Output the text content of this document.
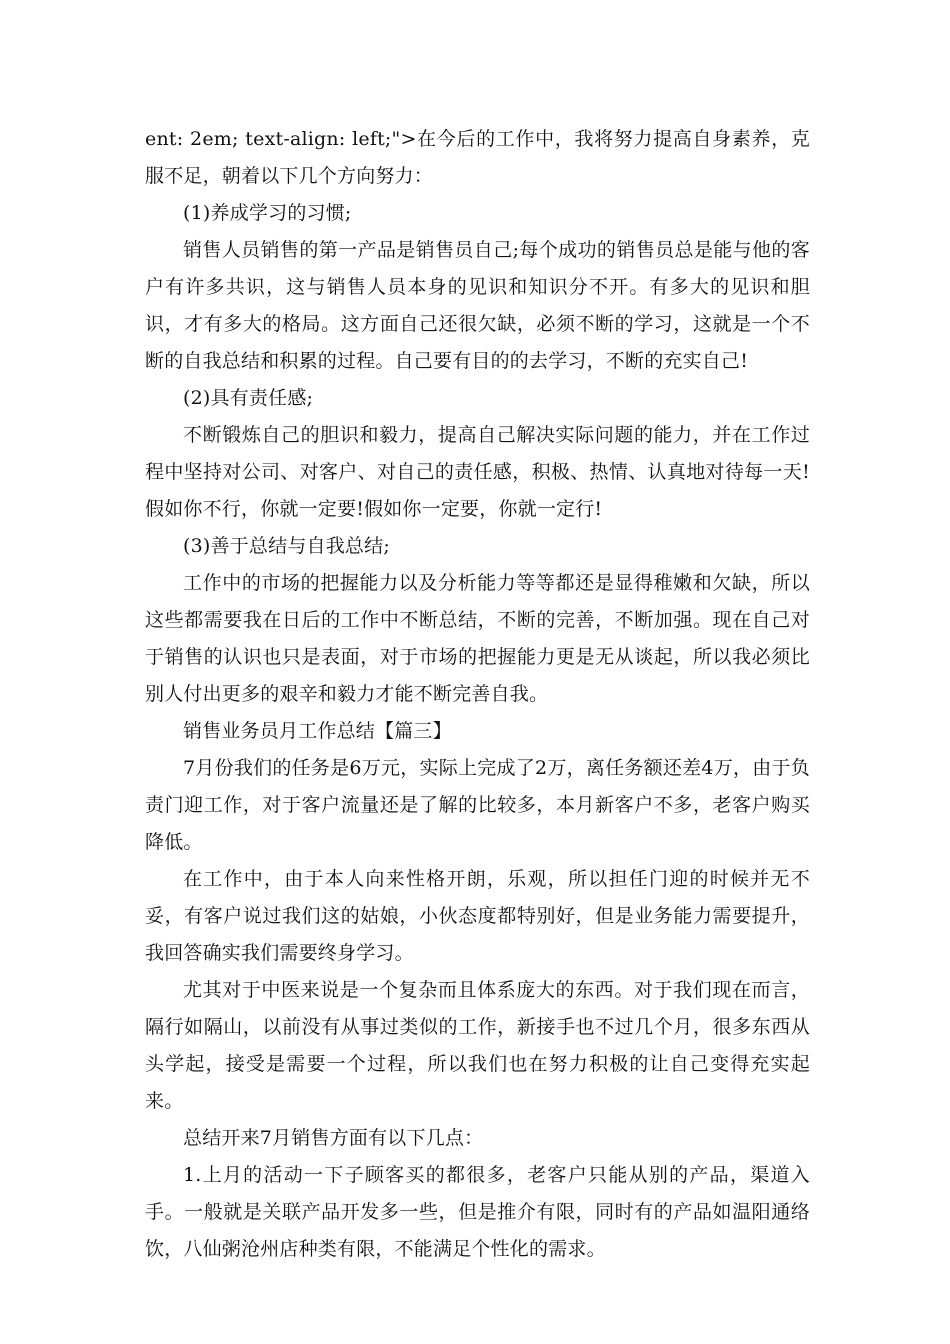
ent: 2em; text-align: left;">在今后的工作中，我将努力提高自身素养，克服不足，朝着以下几个方向努力：

(1)养成学习的习惯;

销售人员销售的第一产品是销售员自己;每个成功的销售员总是能与他的客户有许多共识，这与销售人员本身的见识和知识分不开。有多大的见识和胆识，才有多大的格局。这方面自己还很欠缺，必须不断的学习，这就是一个不断的自我总结和积累的过程。自己要有目的的去学习，不断的充实自己!

(2)具有责任感;

不断锻炼自己的胆识和毅力，提高自己解决实际问题的能力，并在工作过程中坚持对公司、对客户、对自己的责任感，积极、热情、认真地对待每一天!假如你不行，你就一定要!假如你一定要，你就一定行!

(3)善于总结与自我总结;

工作中的市场的把握能力以及分析能力等等都还是显得稚嫩和欠缺，所以这些都需要我在日后的工作中不断总结，不断的完善，不断加强。现在自己对于销售的认识也只是表面，对于市场的把握能力更是无从谈起，所以我必须比别人付出更多的艰辛和毅力才能不断完善自我。

销售业务员月工作总结【篇三】

7月份我们的任务是6万元，实际上完成了2万，离任务额还差4万，由于负责门迎工作，对于客户流量还是了解的比较多，本月新客户不多，老客户购买降低。

在工作中，由于本人向来性格开朗，乐观，所以担任门迎的时候并无不妥，有客户说过我们这的姑娘，小伙态度都特别好，但是业务能力需要提升，我回答确实我们需要终身学习。

尤其对于中医来说是一个复杂而且体系庞大的东西。对于我们现在而言，隔行如隔山，以前没有从事过类似的工作，新接手也不过几个月，很多东西从头学起，接受是需要一个过程，所以我们也在努力积极的让自己变得充实起来。

总结开来7月销售方面有以下几点：

1.上月的活动一下子顾客买的都很多，老客户只能从别的产品，渠道入手。一般就是关联产品开发多一些，但是推介有限，同时有的产品如温阳通络饮，八仙粥沧州店种类有限，不能满足个性化的需求。
